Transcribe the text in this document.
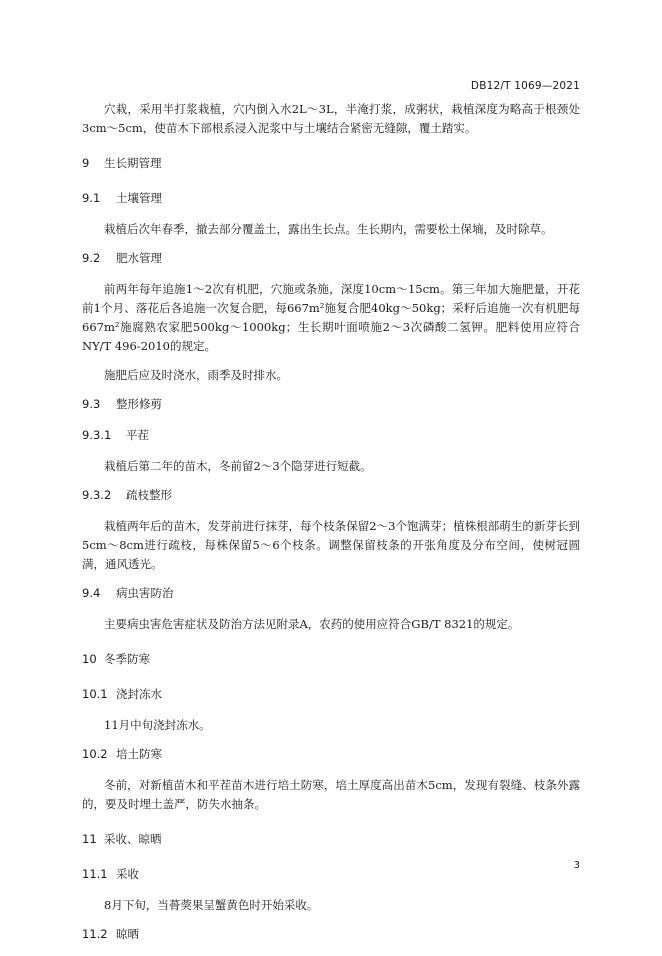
DB12/T 1069—2021

穴栽，采用半打浆栽植，穴内倒入水2L～3L，半淹打浆，成粥状，栽植深度为略高于根颈处3cm～5cm，使苗木下部根系浸入泥浆中与土壤结合紧密无缝隙，覆土踏实。

9	生长期管理
9.1	土壤管理

栽植后次年春季，撤去部分覆盖土，露出生长点。生长期内，需要松土保墒，及时除草。

9.2	肥水管理

前两年每年追施1～2次有机肥，穴施或条施，深度10cm～15cm。第三年加大施肥量，开花前1个月、落花后各追施一次复合肥，每667m²施复合肥40kg～50kg；采籽后追施一次有机肥每667m²施腐熟农家肥500kg～1000kg；生长期叶面喷施2～3次磷酸二氢钾。肥料使用应符合NY/T 496-2010的规定。

施肥后应及时浇水，雨季及时排水。

9.3	整形修剪
9.3.1	平茬

栽植后第二年的苗木，冬前留2～3个隐芽进行短截。

9.3.2	疏枝整形

栽植两年后的苗木，发芽前进行抹芽，每个枝条保留2～3个饱满芽；植株根部萌生的新芽长到5cm～8cm进行疏枝，每株保留5～6个枝条。调整保留枝条的开张角度及分布空间，使树冠圆满，通风透光。

9.4	病虫害防治

主要病虫害危害症状及防治方法见附录A，农药的使用应符合GB/T 8321的规定。

10 冬季防寒
10.1 浇封冻水

11月中旬浇封冻水。

10.2 培土防寒

冬前，对新植苗木和平茬苗木进行培土防寒，培土厚度高出苗木5cm，发现有裂缝、枝条外露的，要及时埋土盖严，防失水抽条。

11 采收、晾晒
11.1 采收

8月下旬，当蓇葖果呈蟹黄色时开始采收。

11.2 晾晒
3
